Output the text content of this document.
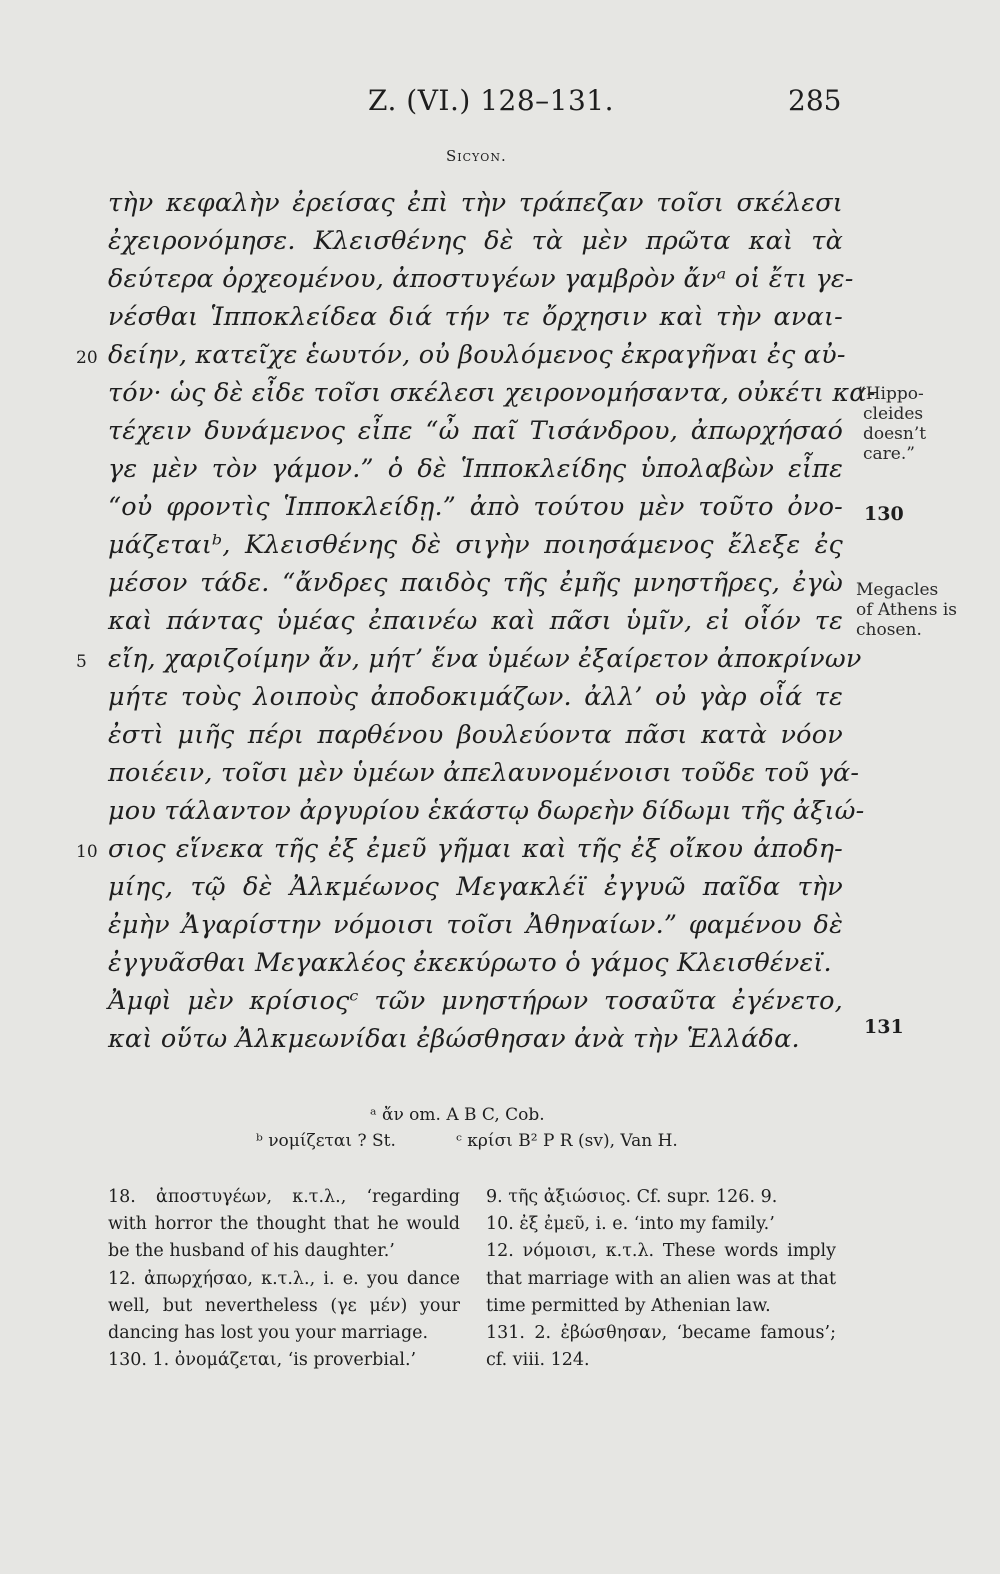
Z. (VI.) 128–131.	285
Sicyon.
τὴν κεφαλὴν ἐρείσας ἐπὶ τὴν τράπεζαν τοῖσι σκέλεσι
ἐχειρονόμησε. Κλεισθένης δὲ τὰ μὲν πρῶτα καὶ τὰ
δεύτερα ὀρχεομένου, ἀποστυγέων γαμβρὸν ἄνᵃ οἱ ἔτι γε-
νέσθαι Ἱπποκλείδεα διά τήν τε ὄρχησιν καὶ τὴν αναι-
20 δείην, κατεῖχε ἑωυτόν, οὐ βουλόμενος ἐκραγῆναι ἐς αὐ-
τόν· ὡς δὲ εἶδε τοῖσι σκέλεσι χειρονομήσαντα, οὐκέτι κα-
τέχειν δυνάμενος εἶπε “ὦ παῖ Τισάνδρου, ἀπωρχήσαό
γε μὲν τὸν γάμον.” ὁ δὲ Ἱπποκλείδης ὑπολαβὼν εἶπε
“οὐ φροντὶς Ἱπποκλείδῃ.” ἀπὸ τούτου μὲν τοῦτο ὀνο-
μάζεταιᵇ, Κλεισθένης δὲ σιγὴν ποιησάμενος ἔλεξε ἐς
μέσον τάδε. “ἄνδρες παιδὸς τῆς ἐμῆς μνηστῆρες, ἐγὼ
καὶ πάντας ὑμέας ἐπαινέω καὶ πᾶσι ὑμῖν, εἰ οἷόν τε
5 εἴη, χαριζοίμην ἄν, μήτ’ ἕνα ὑμέων ἐξαίρετον ἀποκρίνων
μήτε τοὺς λοιποὺς ἀποδοκιμάζων. ἀλλ’ οὐ γὰρ οἷά τε
ἐστὶ μιῆς πέρι παρθένου βουλεύοντα πᾶσι κατὰ νόον
ποιέειν, τοῖσι μὲν ὑμέων ἀπελαυνομένοισι τοῦδε τοῦ γά-
μου τάλαντον ἀργυρίου ἑκάστῳ δωρεὴν δίδωμι τῆς ἀξιώ-
10 σιος εἵνεκα τῆς ἐξ ἐμεῦ γῆμαι καὶ τῆς ἐξ οἴκου ἀποδη-
μίης, τῷ δὲ Ἀλκμέωνος Μεγακλέϊ ἐγγυῶ παῖδα τὴν
ἐμὴν Ἀγαρίστην νόμοισι τοῖσι Ἀθηναίων.” φαμένου δὲ
ἐγγυᾶσθαι Μεγακλέος ἐκεκύρωτο ὁ γάμος Κλεισθένεϊ.
Ἀμφὶ μὲν κρίσιοςᶜ τῶν μνηστήρων τοσαῦτα ἐγένετο,
καὶ οὕτω Ἀλκμεωνίδαι ἐβώσθησαν ἀνὰ τὴν Ἑλλάδα.
“Hippo-
cleides
doesn’t
care.”
130
Megacles
of Athens is
chosen.
131
ᵃ ἄν om. A B C, Cob.
ᵇ νομίζεται ? St.	ᶜ κρίσι B² P R (sv), Van H.

18. ἀποστυγέων, κ.τ.λ., ‘regarding with horror the thought that he would be the husband of his daughter.’

12. ἀπωρχήσαο, κ.τ.λ., i. e. you dance well, but nevertheless (γε μέν) your dancing has lost you your marriage.

130. 1. ὀνομάζεται, ‘is proverbial.’

9. τῆς ἀξιώσιος. Cf. supr. 126. 9.

10. ἐξ ἐμεῦ, i. e. ‘into my family.’

12. νόμοισι, κ.τ.λ. These words imply that marriage with an alien was at that time permitted by Athenian law.

131. 2. ἐβώσθησαν, ‘became famous’; cf. viii. 124.
